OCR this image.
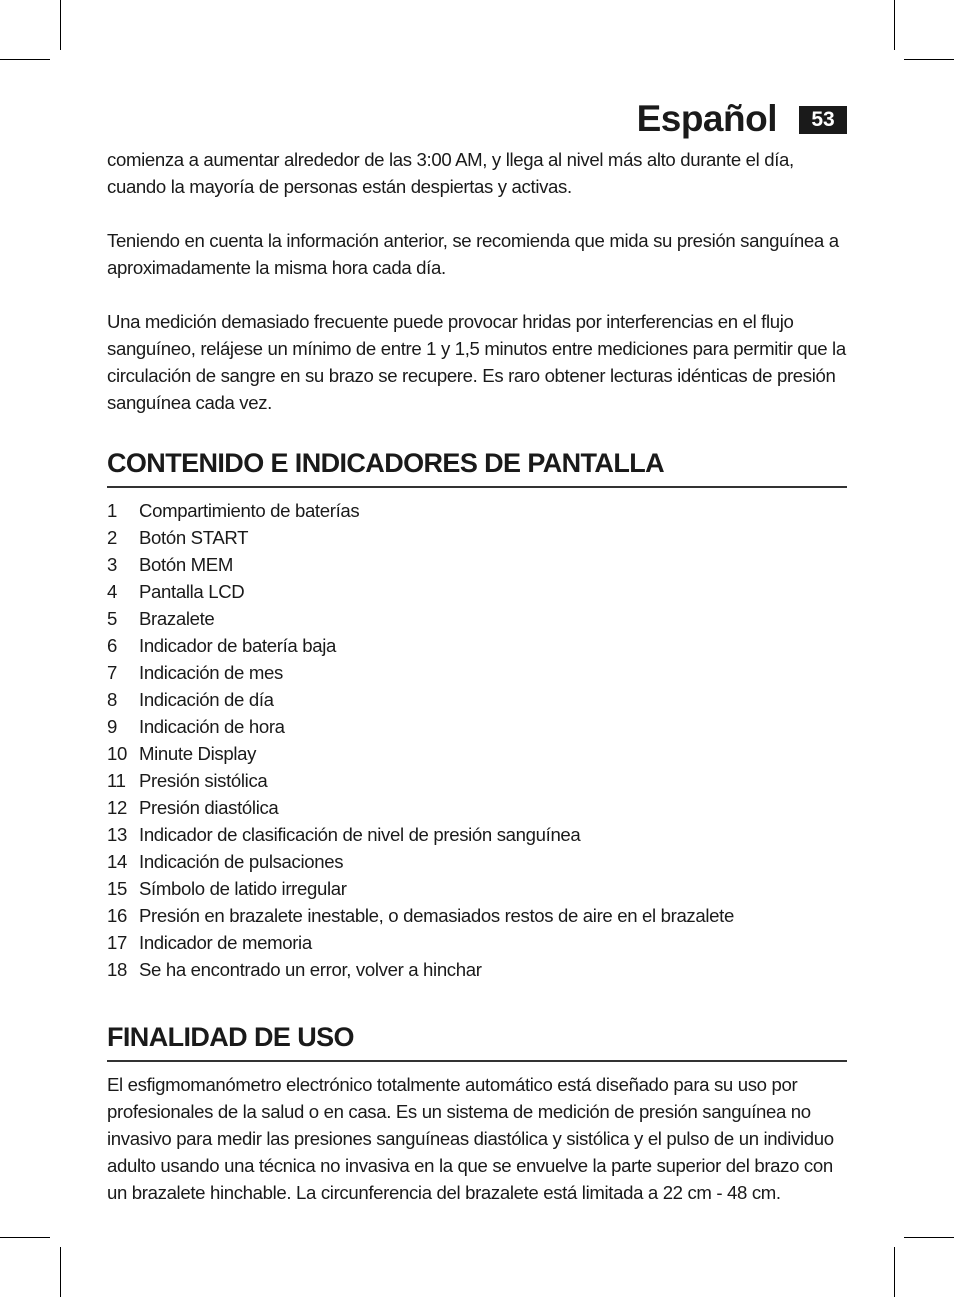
Español	53

comienza a aumentar alrededor de las 3:00 AM, y llega al nivel más alto durante el día, cuando la mayoría de personas están despiertas y activas.

Teniendo en cuenta la información anterior, se recomienda que mida su presión sanguínea a aproximadamente la misma hora cada día.

Una medición demasiado frecuente puede provocar hridas por interferencias en el flujo sanguíneo, relájese un mínimo de entre 1 y 1,5 minutos entre mediciones para permitir que la circulación de sangre en su brazo se recupere. Es raro obtener lecturas idénticas de presión sanguínea cada vez.

CONTENIDO E INDICADORES DE PANTALLA
1	Compartimiento de baterías
2	Botón START
3	Botón MEM
4	Pantalla LCD
5	Brazalete
6	Indicador de batería baja
7	Indicación de mes
8	Indicación de día
9	Indicación de hora
10 Minute Display
11 Presión sistólica
12 Presión diastólica
13 Indicador de clasificación de nivel de presión sanguínea
14 Indicación de pulsaciones
15 Símbolo de latido irregular
16 Presión en brazalete inestable, o demasiados restos de aire en el brazalete
17 Indicador de memoria
18 Se ha encontrado un error, volver a hinchar
FINALIDAD DE USO

El esfigmomanómetro electrónico totalmente automático está diseñado para su uso por profesionales de la salud o en casa. Es un sistema de medición de presión sanguínea no invasivo para medir las presiones sanguíneas diastólica y sistólica y el pulso de un individuo adulto usando una técnica no invasiva en la que se envuelve la parte superior del brazo con un brazalete hinchable. La circunferencia del brazalete está limitada a 22 cm - 48 cm.
